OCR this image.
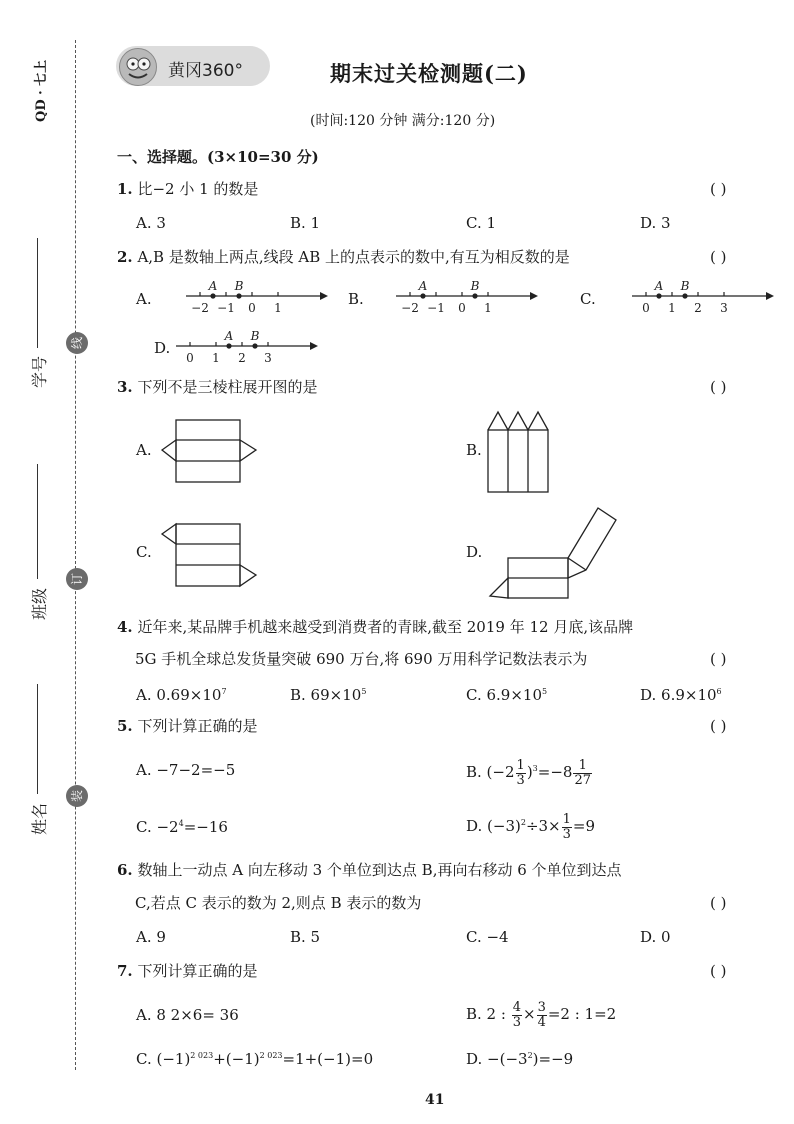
QD · 七上
学号
线
班级
订
姓名
装
黄冈360°	期末过关检测题(二)
(时间:120 分钟 满分:120 分)
一、选择题。(3×10=30 分)
1. 比−2 小 1 的数是	( )
A. 3	B. 1	C. 1	D. 3
2. A,B 是数轴上两点,线段 AB 上的点表示的数中,有互为相反数的是	( )
A.	B.	C.
D.
−2 −1 0 1
A B
−2 −1 0 1
A	B
0 1 2 3
A B
0 1 2 3
A B
3. 下列不是三棱柱展开图的是	( )
A.	B.
C.	D.
4. 近年来,某品牌手机越来越受到消费者的青睐,截至 2019 年 12 月底,该品牌
5G 手机全球总发货量突破 690 万台,将 690 万用科学记数法表示为	( )
A. $0.69\times 10^7$	B. $69\times 10^5$	C. $6.9\times 10^5$	D. $6.9\times 10^6$
5. 下列计算正确的是	( )
A. −7−2=−5	B. $(-2 \frac{1}{3} )^3=-8 \frac{1}{27}$
C. $-2^4=-16$	D. $(-3)^2\div 3\times \frac{1}{3} =9$
6. 数轴上一动点 A 向左移动 3 个单位到达点 B,再向右移动 6 个单位到达点
C,若点 C 表示的数为 2,则点 B 表示的数为	( )
A. 9	B. 5	C. −4	D. 0
7. 下列计算正确的是	( )
A. 8 2×6= 36	B. 2 : $\frac{4}{3} \times \frac{3}{4} =2$ : 1=2
C. $(-1)^{2 023}+(-1)^{2 023}=1+(-1)=0$	D. $-(-3^2)=-9$
41
